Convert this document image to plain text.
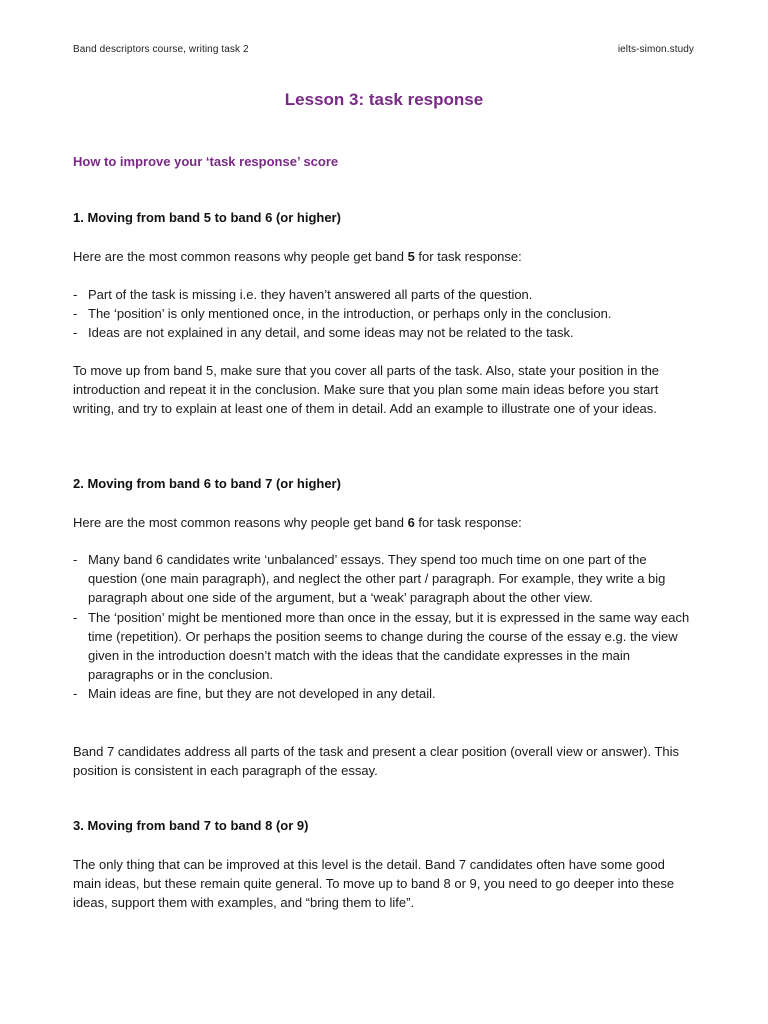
Band descriptors course, writing task 2	ielts-simon.study
Lesson 3: task response
How to improve your ‘task response’ score
1. Moving from band 5 to band 6 (or higher)
Here are the most common reasons why people get band 5 for task response:
- Part of the task is missing i.e. they haven’t answered all parts of the question.
- The ‘position’ is only mentioned once, in the introduction, or perhaps only in the conclusion.
- Ideas are not explained in any detail, and some ideas may not be related to the task.
To move up from band 5, make sure that you cover all parts of the task. Also, state your position in the introduction and repeat it in the conclusion. Make sure that you plan some main ideas before you start writing, and try to explain at least one of them in detail. Add an example to illustrate one of your ideas.
2. Moving from band 6 to band 7 (or higher)
Here are the most common reasons why people get band 6 for task response:
- Many band 6 candidates write ‘unbalanced’ essays. They spend too much time on one part of the question (one main paragraph), and neglect the other part / paragraph. For example, they write a big paragraph about one side of the argument, but a ‘weak’ paragraph about the other view.
- The ‘position’ might be mentioned more than once in the essay, but it is expressed in the same way each time (repetition). Or perhaps the position seems to change during the course of the essay e.g. the view given in the introduction doesn’t match with the ideas that the candidate expresses in the main paragraphs or in the conclusion.
- Main ideas are fine, but they are not developed in any detail.
Band 7 candidates address all parts of the task and present a clear position (overall view or answer). This position is consistent in each paragraph of the essay.
3. Moving from band 7 to band 8 (or 9)
The only thing that can be improved at this level is the detail. Band 7 candidates often have some good main ideas, but these remain quite general. To move up to band 8 or 9, you need to go deeper into these ideas, support them with examples, and “bring them to life”.
